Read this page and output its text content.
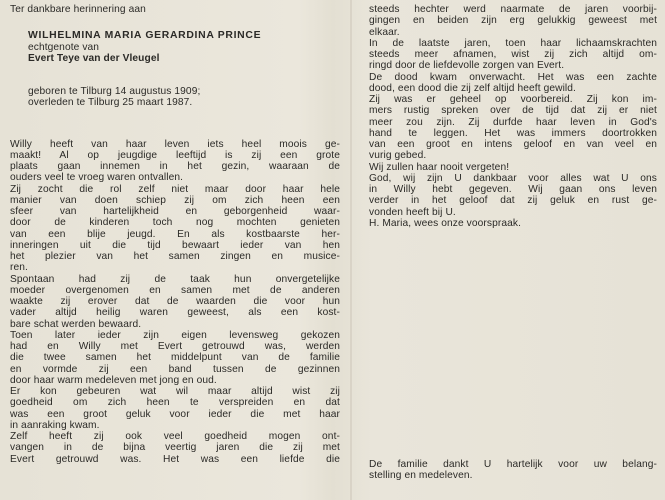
Ter dankbare herinnering aan
WILHELMINA MARIA GERARDINA PRINCE
echtgenote van
Evert Teye van der Vleugel
geboren te Tilburg 14 augustus 1909;
overleden te Tilburg 25 maart 1987.
Willy heeft van haar leven iets heel moois ge-
maakt! Al op jeugdige leeftijd is zij een grote
plaats gaan innemen in het gezin, waaraan de
ouders veel te vroeg waren ontvallen.
Zij zocht die rol zelf niet maar door haar hele
manier van doen schiep zij om zich heen een
sfeer van hartelijkheid en geborgenheid waar-
door de kinderen toch nog mochten genieten
van een blije jeugd. En als kostbaarste her-
inneringen uit die tijd bewaart ieder van hen
het plezier van het samen zingen en musice-
ren.
Spontaan had zij de taak hun onvergetelijke
moeder overgenomen en samen met de anderen
waakte zij erover dat de waarden die voor hun
vader altijd heilig waren geweest, als een kost-
bare schat werden bewaard.
Toen later ieder zijn eigen levensweg gekozen
had en Willy met Evert getrouwd was, werden
die twee samen het middelpunt van de familie
en vormde zij een band tussen de gezinnen
door haar warm medeleven met jong en oud.
Er kon gebeuren wat wil maar altijd wist zij
goedheid om zich heen te verspreiden en dat
was een groot geluk voor ieder die met haar
in aanraking kwam.
Zelf heeft zij ook veel goedheid mogen ont-
vangen in de bijna veertig jaren die zij met
Evert getrouwd was. Het was een liefde die
steeds hechter werd naarmate de jaren voorbij-
gingen en beiden zijn erg gelukkig geweest met
elkaar.
In de laatste jaren, toen haar lichaamskrachten
steeds meer afnamen, wist zij zich altijd om-
ringd door de liefdevolle zorgen van Evert.
De dood kwam onverwacht. Het was een zachte
dood, een dood die zij zelf altijd heeft gewild.
Zij was er geheel op voorbereid. Zij kon im-
mers rustig spreken over de tijd dat zij er niet
meer zou zijn. Zij durfde haar leven in God's
hand te leggen. Het was immers doortrokken
van een groot en intens geloof en van veel en
vurig gebed.
Wij zullen haar nooit vergeten!
God, wij zijn U dankbaar voor alles wat U ons
in Willy hebt gegeven. Wij gaan ons leven
verder in het geloof dat zij geluk en rust ge-
vonden heeft bij U.
H. Maria, wees onze voorspraak.
De familie dankt U hartelijk voor uw belang-
stelling en medeleven.
